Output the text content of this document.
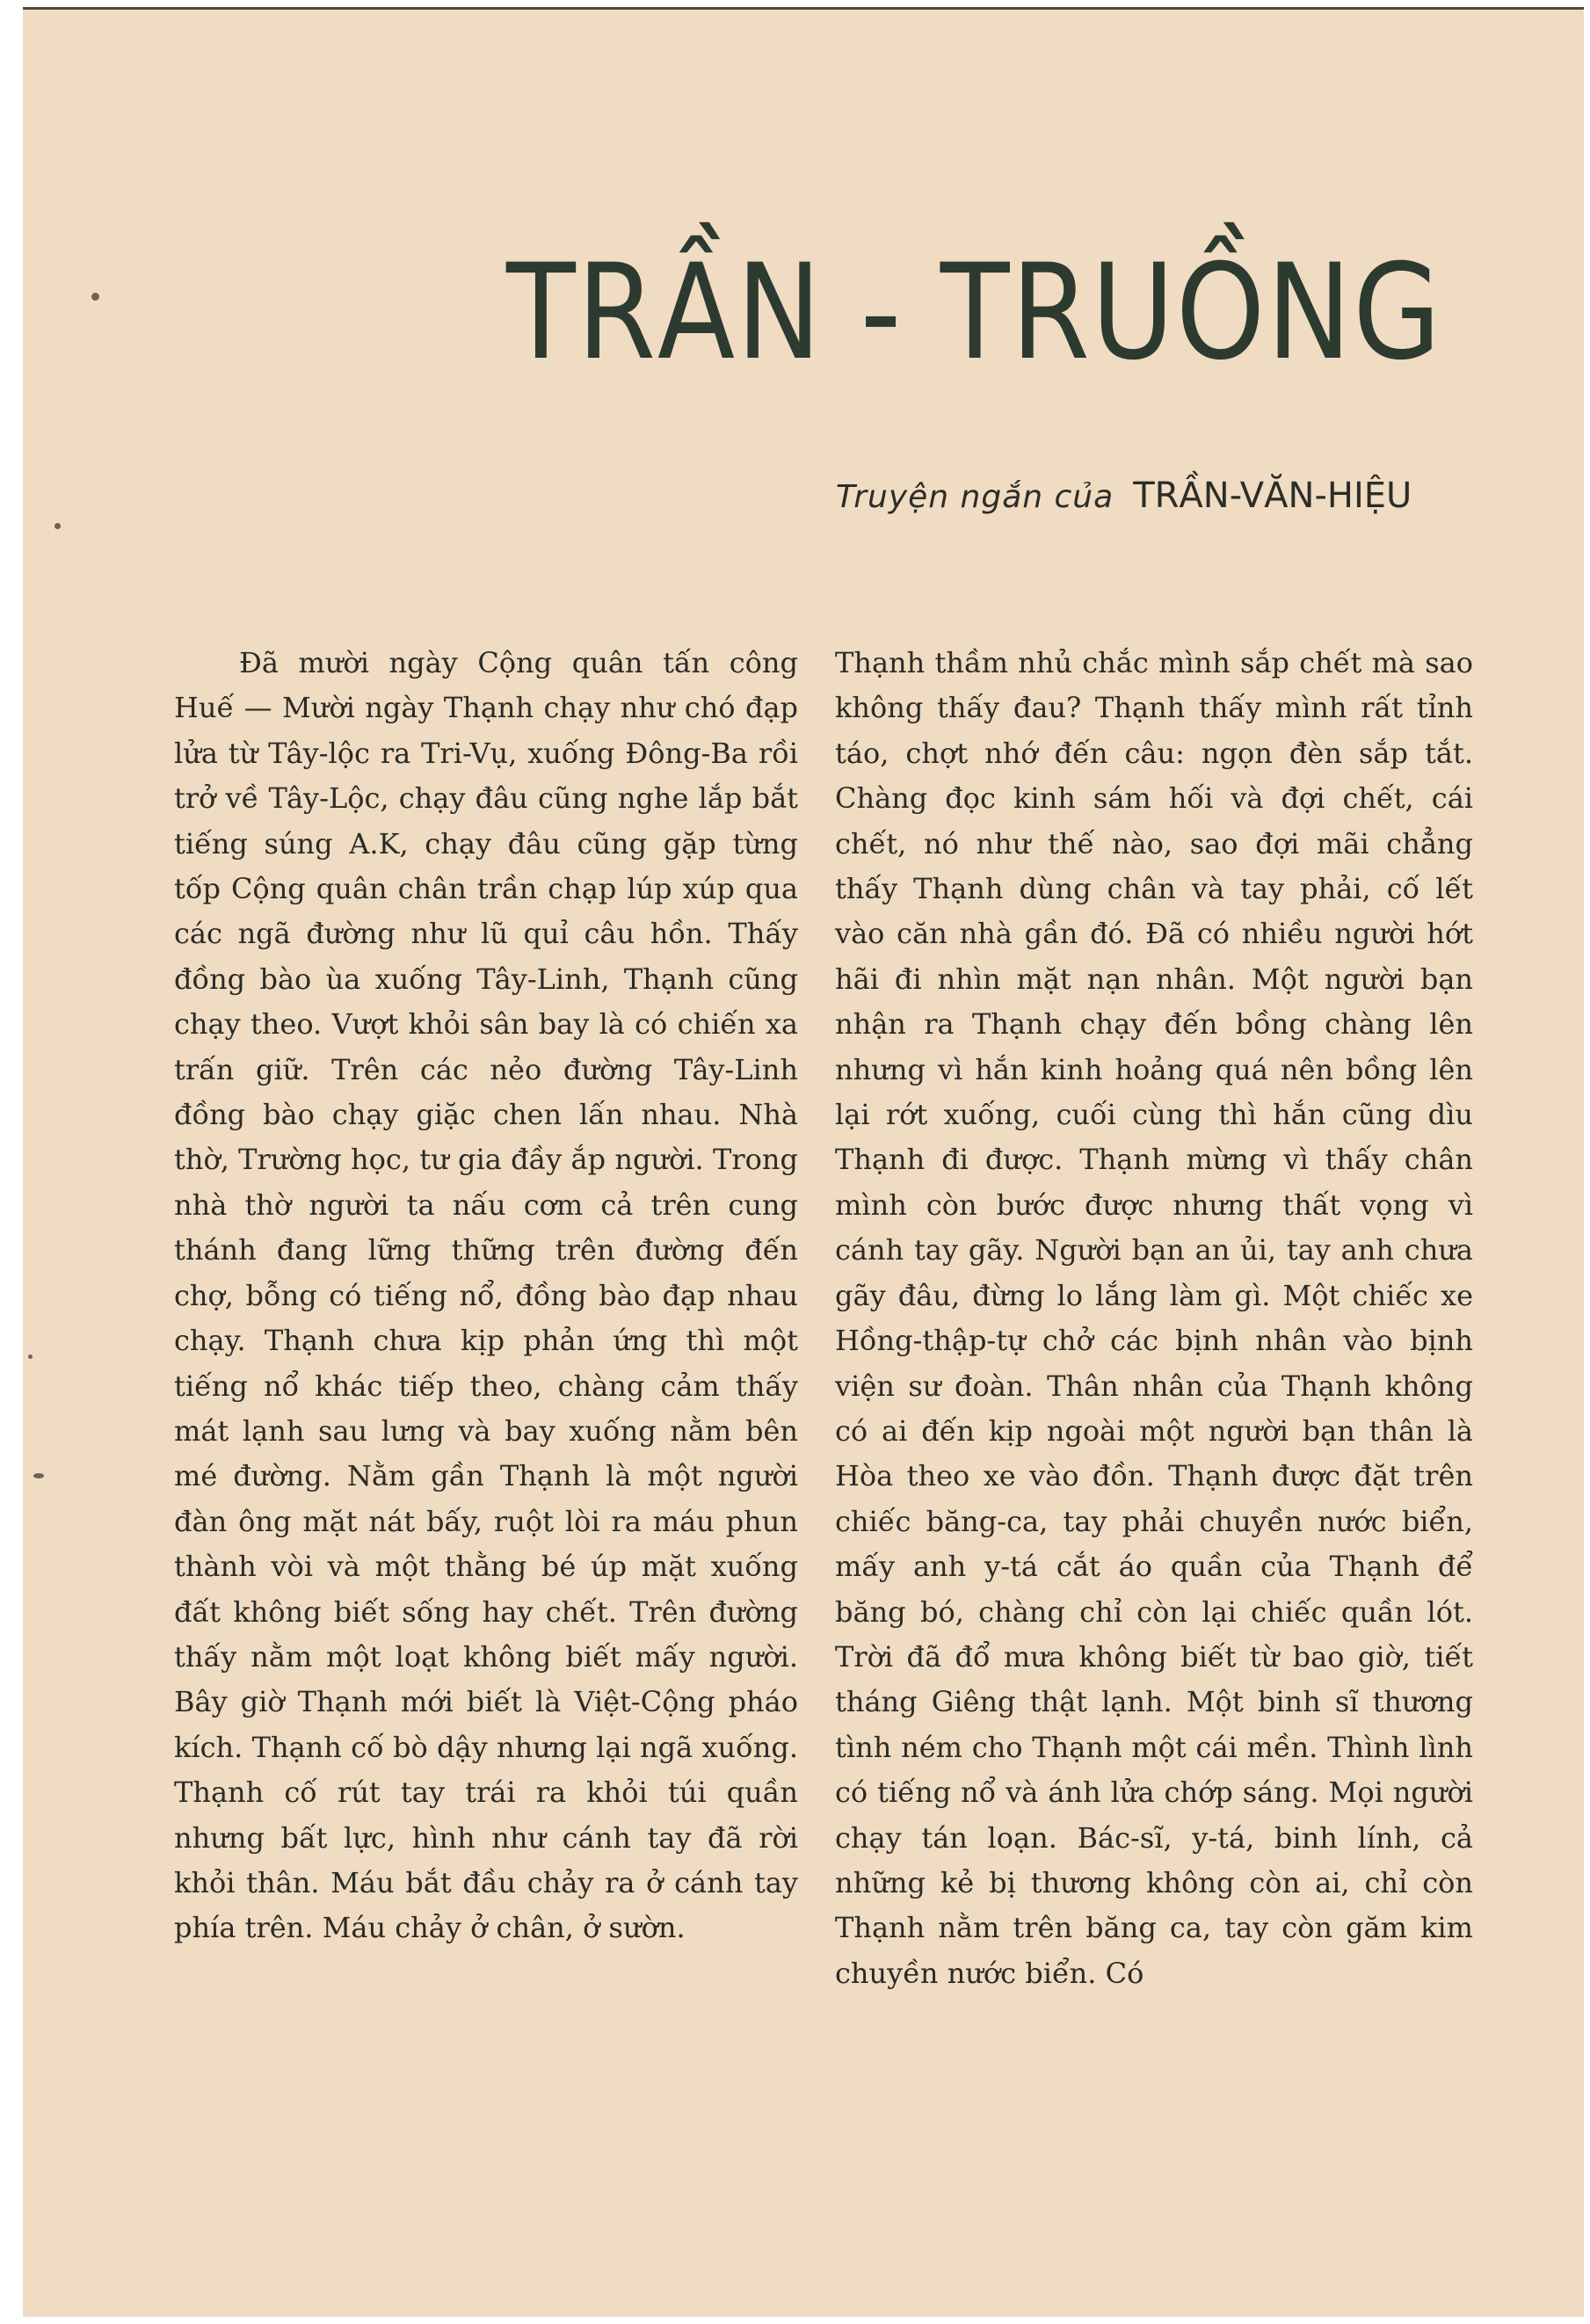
TRẦN - TRUỒNG
Truyện ngắn của TRẦN-VĂN-HIỆU

Đã mười ngày Cộng quân tấn công Huế — Mười ngày Thạnh chạy như chó đạp lửa từ Tây-lộc ra Tri-Vụ, xuống Đông-Ba rồi trở về Tây-Lộc, chạy đâu cũng nghe lắp bắt tiếng súng A.K, chạy đâu cũng gặp từng tốp Cộng quân chân trần chạp lúp xúp qua các ngã đường như lũ quỉ câu hồn. Thấy đồng bào ùa xuống Tây-Linh, Thạnh cũng chạy theo. Vượt khỏi sân bay là có chiến xa trấn giữ. Trên các nẻo đường Tây-Linh đồng bào chạy giặc chen lấn nhau. Nhà thờ, Trường học, tư gia đầy ắp người. Trong nhà thờ người ta nấu cơm cả trên cung thánh đang lững thững trên đường đến chợ, bỗng có tiếng nổ, đồng bào đạp nhau chạy. Thạnh chưa kịp phản ứng thì một tiếng nổ khác tiếp theo, chàng cảm thấy mát lạnh sau lưng và bay xuống nằm bên mé đường. Nằm gần Thạnh là một người đàn ông mặt nát bấy, ruột lòi ra máu phun thành vòi và một thằng bé úp mặt xuống đất không biết sống hay chết. Trên đường thấy nằm một loạt không biết mấy người. Bây giờ Thạnh mới biết là Việt-Cộng pháo kích. Thạnh cố bò dậy nhưng lại ngã xuống. Thạnh cố rút tay trái ra khỏi túi quần nhưng bất lực, hình như cánh tay đã rời khỏi thân. Máu bắt đầu chảy ra ở cánh tay phía trên. Máu chảy ở chân, ở sườn.

Thạnh thầm nhủ chắc mình sắp chết mà sao không thấy đau? Thạnh thấy mình rất tỉnh táo, chợt nhớ đến câu: ngọn đèn sắp tắt. Chàng đọc kinh sám hối và đợi chết, cái chết, nó như thế nào, sao đợi mãi chẳng thấy Thạnh dùng chân và tay phải, cố lết vào căn nhà gần đó. Đã có nhiều người hớt hãi đi nhìn mặt nạn nhân. Một người bạn nhận ra Thạnh chạy đến bồng chàng lên nhưng vì hắn kinh hoảng quá nên bồng lên lại rớt xuống, cuối cùng thì hắn cũng dìu Thạnh đi được. Thạnh mừng vì thấy chân mình còn bước được nhưng thất vọng vì cánh tay gãy. Người bạn an ủi, tay anh chưa gãy đâu, đừng lo lắng làm gì. Một chiếc xe Hồng-thập-tự chở các bịnh nhân vào bịnh viện sư đoàn. Thân nhân của Thạnh không có ai đến kịp ngoài một người bạn thân là Hòa theo xe vào đồn. Thạnh được đặt trên chiếc băng-ca, tay phải chuyền nước biển, mấy anh y-tá cắt áo quần của Thạnh để băng bó, chàng chỉ còn lại chiếc quần lót. Trời đã đổ mưa không biết từ bao giờ, tiết tháng Giêng thật lạnh. Một binh sĩ thương tình ném cho Thạnh một cái mền. Thình lình có tiếng nổ và ánh lửa chớp sáng. Mọi người chạy tán loạn. Bác-sĩ, y-tá, binh lính, cả những kẻ bị thương không còn ai, chỉ còn Thạnh nằm trên băng ca, tay còn găm kim chuyền nước biển. Có
